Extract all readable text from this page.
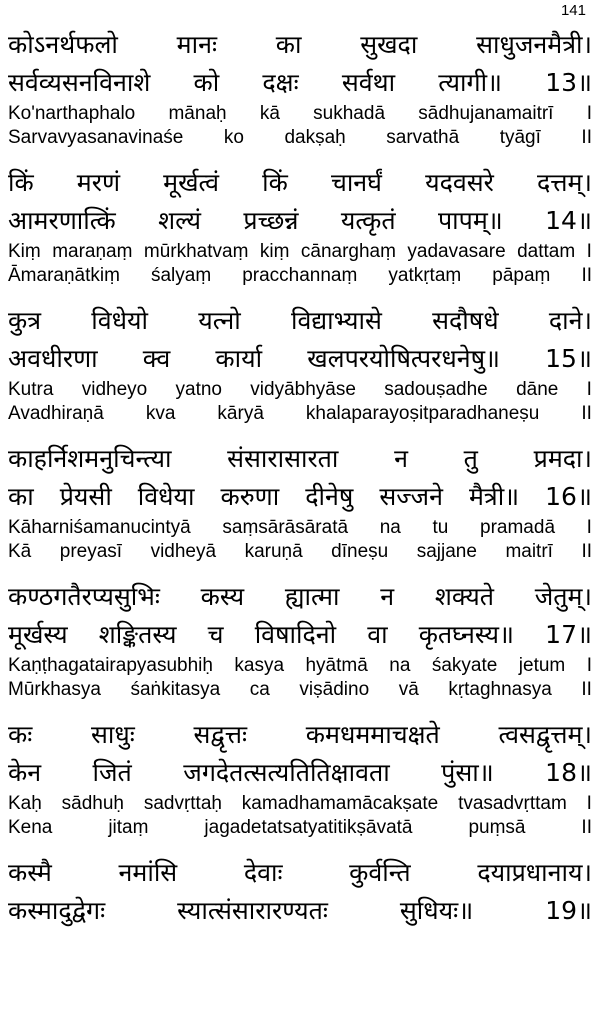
141
कोऽनर्थफलो मानः का सुखदा साधुजनमैत्री।
सर्वव्यसनविनाशे को दक्षः सर्वथा त्यागी॥ 13॥
Ko'narthaphalo mānaḥ kā sukhadā sādhujanamaitrī I
Sarvavyasanavinaśe ko dakṣaḥ sarvathā tyāgī II
किं मरणं मूर्खत्वं किं चानर्घं यदवसरे दत्तम्।
आमरणात्किं शल्यं प्रच्छन्नं यत्कृतं पापम्॥ 14॥
Kiṃ maraṇaṃ mūrkhatvaṃ kiṃ cānarghaṃ yadavasare dattam I
Āmaraṇātkiṃ śalyaṃ pracchannaṃ yatkṛtaṃ pāpaṃ II
कुत्र विधेयो यत्नो विद्याभ्यासे सदौषधे दाने।
अवधीरणा क्व कार्या खलपरयोषित्परधनेषु॥ 15॥
Kutra vidheyo yatno vidyābhyāse sadouṣadhe dāne I
Avadhiraṇā kva kāryā khalaparayoṣitparadhaneṣu II
काहर्निशमनुचिन्त्या संसारासारता न तु प्रमदा।
का प्रेयसी विधेया करुणा दीनेषु सज्जने मैत्री॥ 16॥
Kāharniśamanucintyā saṃsārāsāratā na tu pramadā I
Kā preyasī vidheyā karuṇā dīneṣu sajjane maitrī II
कण्ठगतैरप्यसुभिः कस्य ह्यात्मा न शक्यते जेतुम्।
मूर्खस्य शङ्कितस्य च विषादिनो वा कृतघ्नस्य॥ 17॥
Kaṇṭhagatairapyasubhiḥ kasya hyātmā na śakyate jetum I
Mūrkhasya śaṅkitasya ca viṣādino vā kṛtaghnasya II
कः साधुः सद्वृत्तः कमधममाचक्षते त्वसद्वृत्तम्।
केन जितं जगदेतत्सत्यतितिक्षावता पुंसा॥ 18॥
Kaḥ sādhuḥ sadvṛttaḥ kamadhamamācakṣate tvasadvṛttam I
Kena	jitaṃ	jagadetatsatyatitikṣāvatā	puṃsā	II
कस्मै	नमांसि	देवाः	कुर्वन्ति	दयाप्रधानाय।
कस्मादुद्वेगः	स्यात्संसारारण्यतः	सुधियः॥	19॥
